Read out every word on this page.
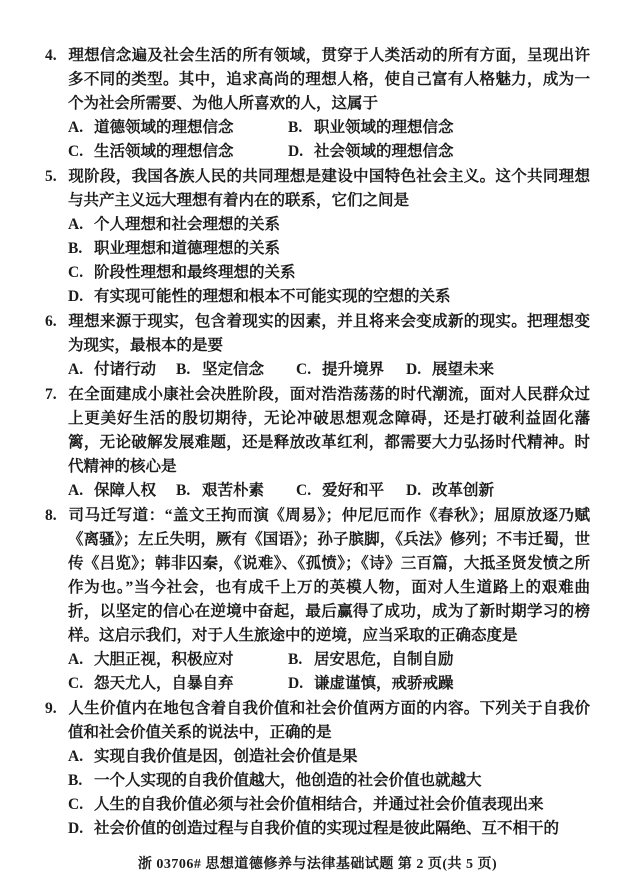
4. 理想信念遍及社会生活的所有领域，贯穿于人类活动的所有方面，呈现出许多不同的类型。其中，追求高尚的理想人格，使自己富有人格魅力，成为一个为社会所需要、为他人所喜欢的人，这属于

A. 道德领域的理想信念	B. 职业领域的理想信念
C. 生活领域的理想信念	D. 社会领域的理想信念

5. 现阶段，我国各族人民的共同理想是建设中国特色社会主义。这个共同理想与共产主义远大理想有着内在的联系，它们之间是

A. 个人理想和社会理想的关系
B. 职业理想和道德理想的关系
C. 阶段性理想和最终理想的关系
D. 有实现可能性的理想和根本不可能实现的空想的关系

6. 理想来源于现实，包含着现实的因素，并且将来会变成新的现实。把理想变为现实，最根本的是要

A. 付诸行动	B. 坚定信念	C. 提升境界	D. 展望未来

7. 在全面建成小康社会决胜阶段，面对浩浩荡荡的时代潮流，面对人民群众过上更美好生活的殷切期待，无论冲破思想观念障碍，还是打破利益固化藩篱，无论破解发展难题，还是释放改革红利，都需要大力弘扬时代精神。时代精神的核心是

A. 保障人权	B. 艰苦朴素	C. 爱好和平	D. 改革创新

8. 司马迁写道：“盖文王拘而演《周易》；仲尼厄而作《春秋》；屈原放逐乃赋《离骚》；左丘失明，厥有《国语》；孙子膑脚，《兵法》修列；不韦迁蜀，世传《吕览》；韩非囚秦，《说难》、《孤愤》；《诗》三百篇，大抵圣贤发愤之所作为也。”当今社会，也有成千上万的英模人物，面对人生道路上的艰难曲折，以坚定的信心在逆境中奋起，最后赢得了成功，成为了新时期学习的榜样。这启示我们，对于人生旅途中的逆境，应当采取的正确态度是

A. 大胆正视，积极应对	B. 居安思危，自制自励
C. 怨天尤人，自暴自弃	D. 谦虚谨慎，戒骄戒躁

9. 人生价值内在地包含着自我价值和社会价值两方面的内容。下列关于自我价值和社会价值关系的说法中，正确的是

A. 实现自我价值是因，创造社会价值是果
B. 一个人实现的自我价值越大，他创造的社会价值也就越大
C. 人生的自我价值必须与社会价值相结合，并通过社会价值表现出来
D. 社会价值的创造过程与自我价值的实现过程是彼此隔绝、互不相干的
浙 03706# 思想道德修养与法律基础试题 第 2 页(共 5 页)
